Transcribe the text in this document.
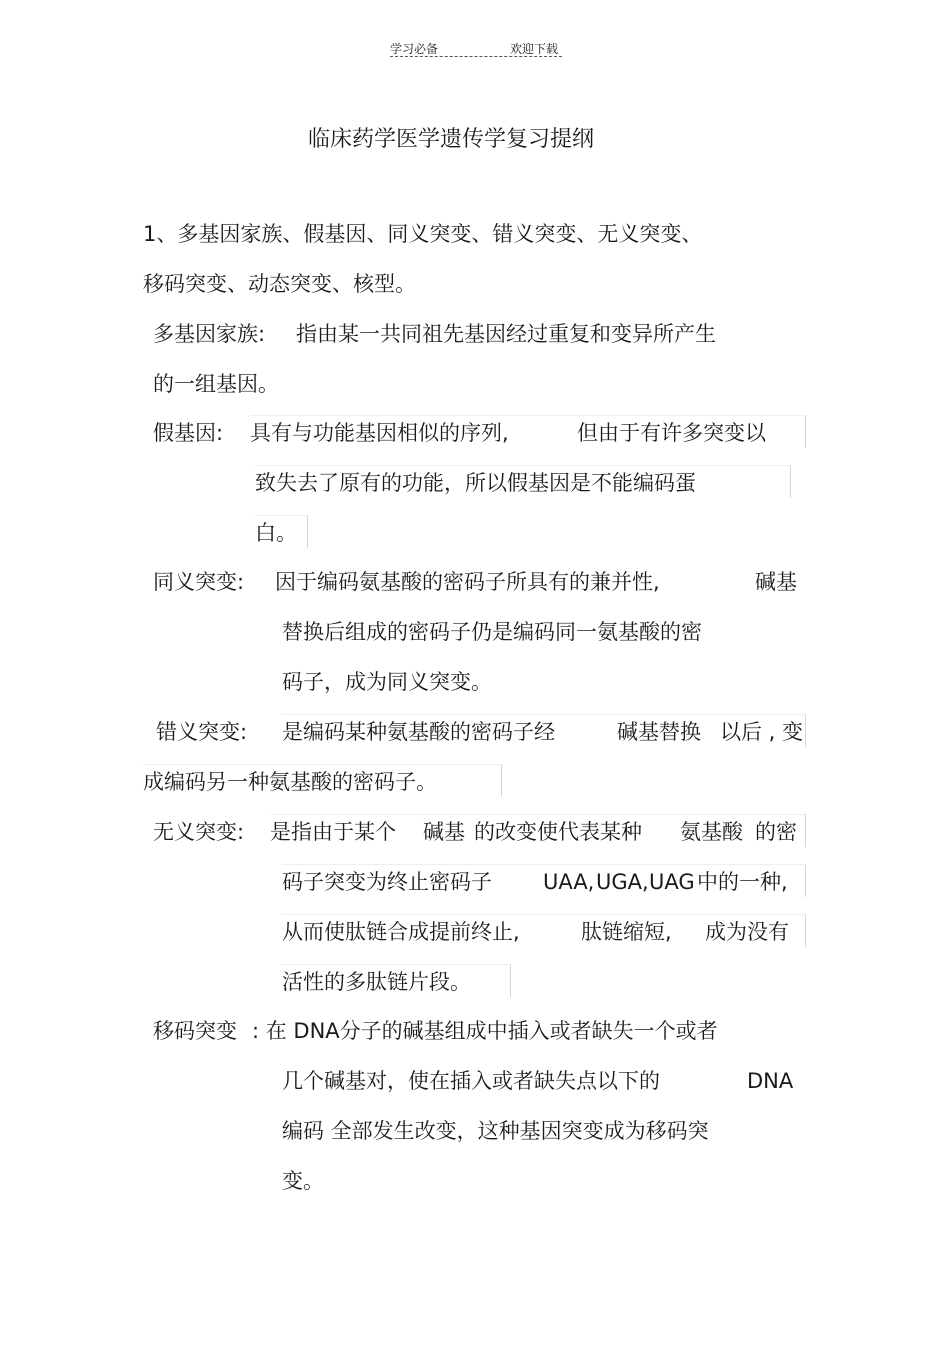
学习必备	欢迎下载
临床药学医学遗传学复习提纲
1、多基因家族、假基因、同义突变、错义突变、无义突变、
移码突变、动态突变、核型。
多基因家族: 指由某一共同祖先基因经过重复和变异所产生
的一组基因。
假基因: 具有与功能基因相似的序列,	但由于有许多突变以
致失去了原有的功能，所以假基因是不能编码蛋
白。
同义突变: 因于编码氨基酸的密码子所具有的兼并性,	碱基
替换后组成的密码子仍是编码同一氨基酸的密
码子，成为同义突变。
错义突变: 是编码某种氨基酸的密码子经	碱基替换 以后 , 变
成编码另一种氨基酸的密码子。
无义突变: 是指由于某个 碱基 的改变使代表某种 氨基酸 的密
码子突变为终止密码子 UAA, UGA, UAG 中的一种,
从而使肽链合成提前终止,	肽链缩短, 成为没有
活性的多肽链片段。
移码突变 : 在 DNA分子的碱基组成中插入或者缺失一个或者
几个碱基对，使在插入或者缺失点以下的	DNA
编码 全部发生改变，这种基因突变成为移码突
变。
